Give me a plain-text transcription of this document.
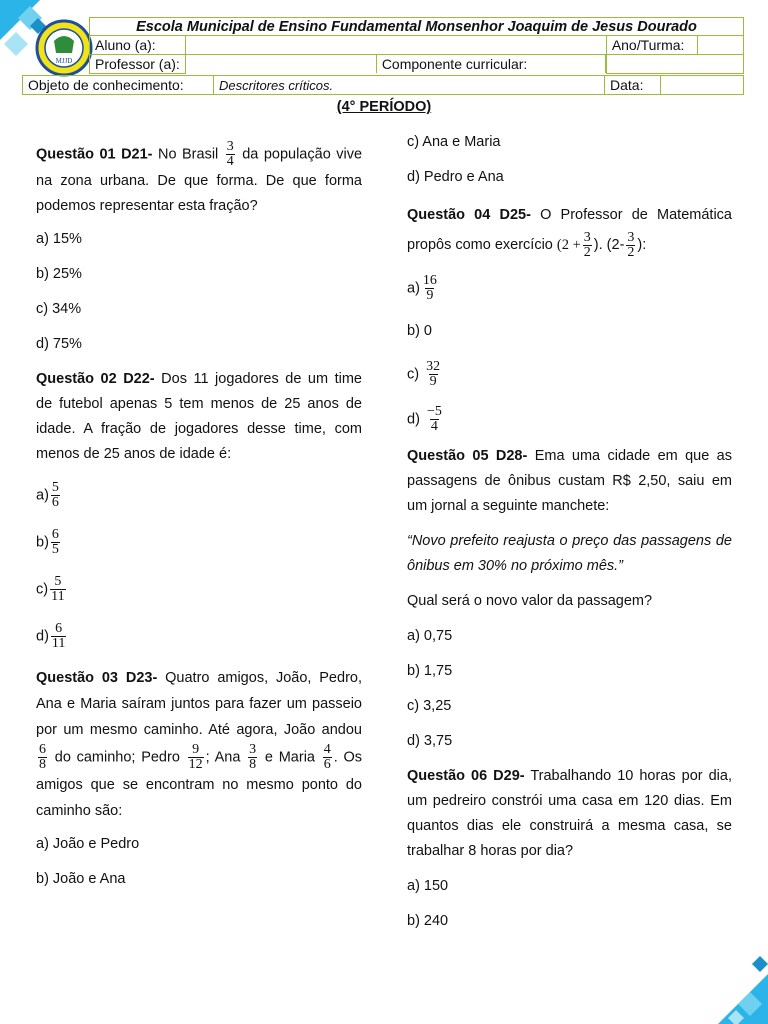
Escola Municipal de Ensino Fundamental Monsenhor Joaquim de Jesus Dourado
MJJD
Aluno (a):		Ano/Turma:	
Professor (a):	
		Componente curricular:

Objeto de conhecimento:	Descritores críticos.	Data:	
(4° PERÍODO)
Questão 01 D21- No Brasil $\frac{3}{4}$ da população vive na zona urbana. De que forma. De que forma podemos representar esta fração?

a) 15%

b) 25%

c) 34%

d) 75%

Questão 02 D22- Dos 11 jogadores de um time de futebol apenas 5 tem menos de 25 anos de idade. A fração de jogadores desse time, com menos de 25 anos de idade é:

$a) \frac{5}{6}$

$b) \frac{6}{5}$

$c) \frac{5}{11}$

$d) \frac{6}{11}$

Questão 03 D23- Quatro amigos, João, Pedro, Ana e Maria saíram juntos para fazer um passeio por um mesmo caminho. Até agora, João andou
$\frac{6}{8}$ do caminho; Pedro $\frac{9}{12}$ ; Ana $\frac{3}{8}$ e Maria $\frac{4}{6}$ . Os amigos que se encontram no mesmo ponto do caminho são:

a) João e Pedro

b) João e Ana

c) Ana e Maria

d) Pedro e Ana

Questão 04 D25- O Professor de Matemática propôs como exercício ($2 + \frac{3}{2}$ ). ($2- \frac{3}{2}$ ):

$a) \frac{16}{9}$

b) 0

$c) \frac{32}{9}$

$d) \frac{-5}{4}$

Questão 05 D28- Ema uma cidade em que as passagens de ônibus custam R$ 2,50, saiu em um jornal a seguinte manchete:
“Novo prefeito reajusta o preço das passagens de ônibus em 30% no próximo mês.”

Qual será o novo valor da passagem?

a) 0,75

b) 1,75

c) 3,25

d) 3,75

Questão 06 D29- Trabalhando 10 horas por dia, um pedreiro constrói uma casa em 120 dias. Em quantos dias ele construirá a mesma casa, se trabalhar 8 horas por dia?

a) 150

b) 240
